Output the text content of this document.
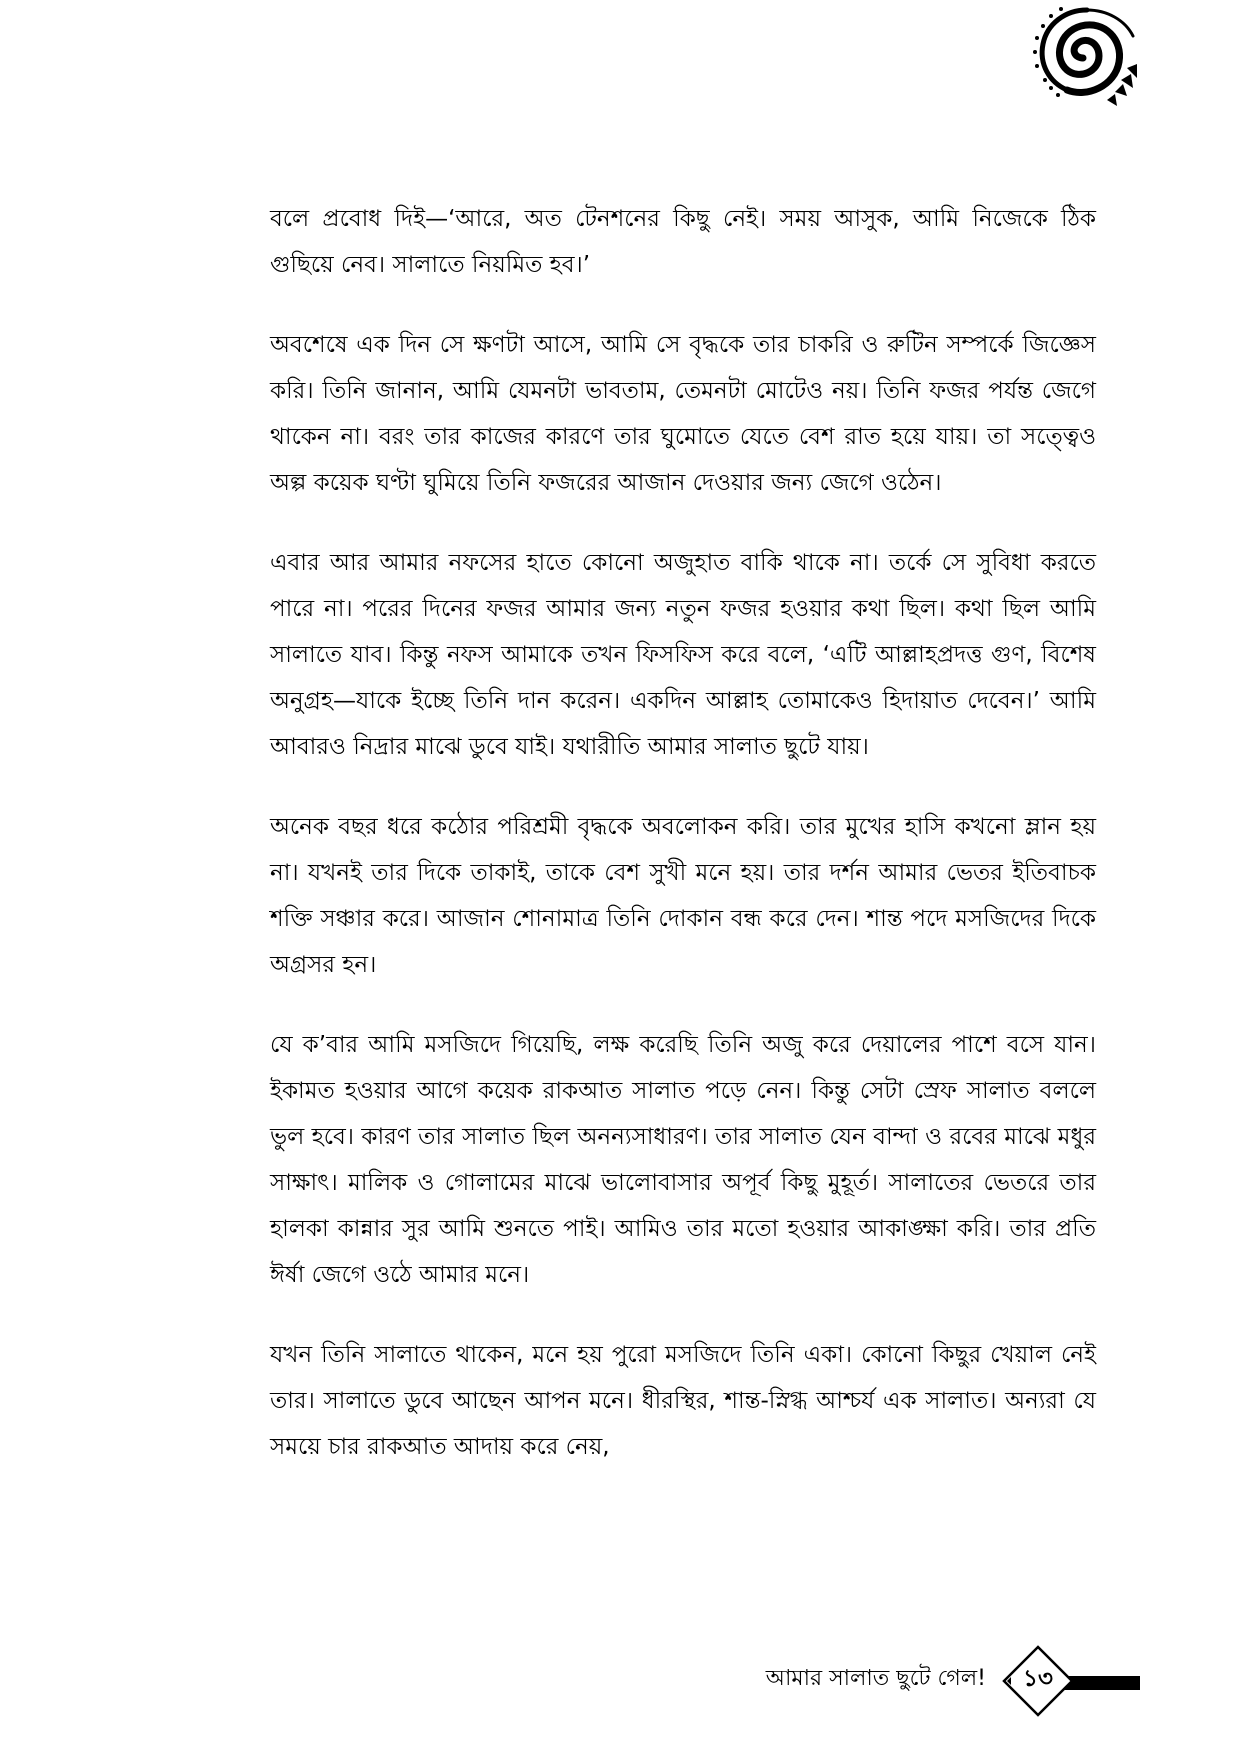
বলে প্রবোধ দিই—‘আরে, অত টেনশনের কিছু নেই। সময় আসুক, আমি নিজেকে ঠিক গুছিয়ে নেব। সালাতে নিয়মিত হব।’

অবশেষে এক দিন সে ক্ষণটা আসে, আমি সে বৃদ্ধকে তার চাকরি ও রুটিন সম্পর্কে জিজ্ঞেস করি। তিনি জানান, আমি যেমনটা ভাবতাম, তেমনটা মোটেও নয়। তিনি ফজর পর্যন্ত জেগে থাকেন না। বরং তার কাজের কারণে তার ঘুমোতে যেতে বেশ রাত হয়ে যায়। তা সত্ত্বেও অল্প কয়েক ঘণ্টা ঘুমিয়ে তিনি ফজরের আজান দেওয়ার জন্য জেগে ওঠেন।

এবার আর আমার নফসের হাতে কোনো অজুহাত বাকি থাকে না। তর্কে সে সুবিধা করতে পারে না। পরের দিনের ফজর আমার জন্য নতুন ফজর হওয়ার কথা ছিল। কথা ছিল আমি সালাতে যাব। কিন্তু নফস আমাকে তখন ফিসফিস করে বলে, ‘এটি আল্লাহপ্রদত্ত গুণ, বিশেষ অনুগ্রহ—যাকে ইচ্ছে তিনি দান করেন। একদিন আল্লাহ তোমাকেও হিদায়াত দেবেন।’ আমি আবারও নিদ্রার মাঝে ডুবে যাই। যথারীতি আমার সালাত ছুটে যায়।

অনেক বছর ধরে কঠোর পরিশ্রমী বৃদ্ধকে অবলোকন করি। তার মুখের হাসি কখনো ম্লান হয় না। যখনই তার দিকে তাকাই, তাকে বেশ সুখী মনে হয়। তার দর্শন আমার ভেতর ইতিবাচক শক্তি সঞ্চার করে। আজান শোনামাত্র তিনি দোকান বন্ধ করে দেন। শান্ত পদে মসজিদের দিকে অগ্রসর হন।

যে ক’বার আমি মসজিদে গিয়েছি, লক্ষ করেছি তিনি অজু করে দেয়ালের পাশে বসে যান। ইকামত হওয়ার আগে কয়েক রাকআত সালাত পড়ে নেন। কিন্তু সেটা স্রেফ সালাত বললে ভুল হবে। কারণ তার সালাত ছিল অনন্যসাধারণ। তার সালাত যেন বান্দা ও রবের মাঝে মধুর সাক্ষাৎ। মালিক ও গোলামের মাঝে ভালোবাসার অপূর্ব কিছু মুহূর্ত। সালাতের ভেতরে তার হালকা কান্নার সুর আমি শুনতে পাই। আমিও তার মতো হওয়ার আকাঙ্ক্ষা করি। তার প্রতি ঈর্ষা জেগে ওঠে আমার মনে।

যখন তিনি সালাতে থাকেন, মনে হয় পুরো মসজিদে তিনি একা। কোনো কিছুর খেয়াল নেই তার। সালাতে ডুবে আছেন আপন মনে। ধীরস্থির, শান্ত-স্নিগ্ধ আশ্চর্য এক সালাত। অন্যরা যে সময়ে চার রাকআত আদায় করে নেয়,

আমার সালাত ছুটে গেল!	১৩
